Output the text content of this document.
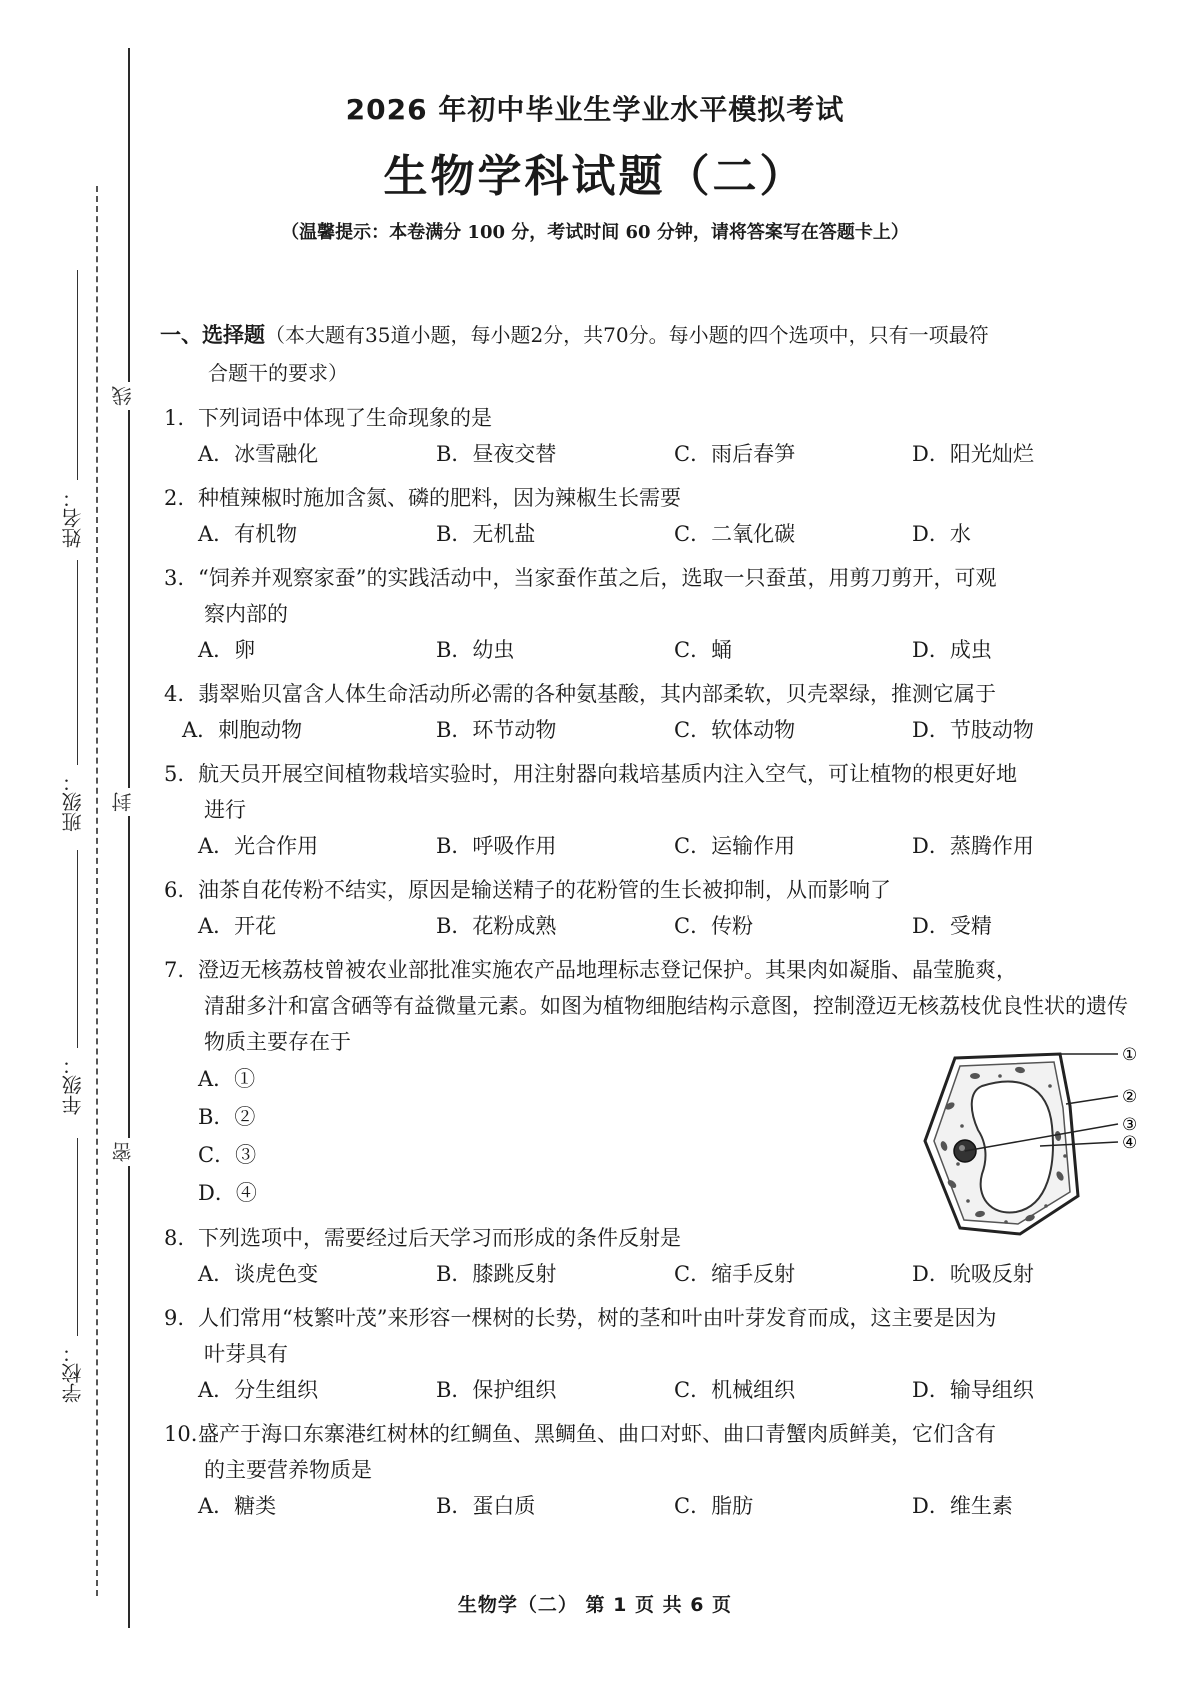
姓名：
班级：
年级：
学校：
线
封
密
2026 年初中毕业生学业水平模拟考试
生物学科试题（二）
（温馨提示：本卷满分 100 分，考试时间 60 分钟，请将答案写在答题卡上）
一、选择题（本大题有35道小题，每小题2分，共70分。每小题的四个选项中，只有一项最符
合题干的要求）
1. 下列词语中体现了生命现象的是
A．冰雪融化	B．昼夜交替	C．雨后春笋	D．阳光灿烂
2. 种植辣椒时施加含氮、磷的肥料，因为辣椒生长需要
A．有机物	B．无机盐	C．二氧化碳	D．水
3. “饲养并观察家蚕”的实践活动中，当家蚕作茧之后，选取一只蚕茧，用剪刀剪开，可观
察内部的
A．卵	B．幼虫	C．蛹	D．成虫
4. 翡翠贻贝富含人体生命活动所必需的各种氨基酸，其内部柔软，贝壳翠绿，推测它属于
A．刺胞动物	B．环节动物	C．软体动物	D．节肢动物
5. 航天员开展空间植物栽培实验时，用注射器向栽培基质内注入空气，可让植物的根更好地
进行
A．光合作用	B．呼吸作用	C．运输作用	D．蒸腾作用
6. 油茶自花传粉不结实，原因是输送精子的花粉管的生长被抑制，从而影响了
A．开花	B．花粉成熟	C．传粉	D．受精
7. 澄迈无核荔枝曾被农业部批准实施农产品地理标志登记保护。其果肉如凝脂、晶莹脆爽，
清甜多汁和富含硒等有益微量元素。如图为植物细胞结构示意图，控制澄迈无核荔枝优良性状的遗传物质主要存在于
A．①
B．②
C．③
D．④
①
②
③
④
8. 下列选项中，需要经过后天学习而形成的条件反射是
A．谈虎色变	B．膝跳反射	C．缩手反射	D．吮吸反射
9. 人们常用“枝繁叶茂”来形容一棵树的长势，树的茎和叶由叶芽发育而成，这主要是因为
叶芽具有
A．分生组织	B．保护组织	C．机械组织	D．输导组织
10.盛产于海口东寨港红树林的红鲷鱼、黑鲷鱼、曲口对虾、曲口青蟹肉质鲜美，它们含有
的主要营养物质是
A．糖类	B．蛋白质	C．脂肪	D．维生素
生物学（二） 第 1 页 共 6 页
